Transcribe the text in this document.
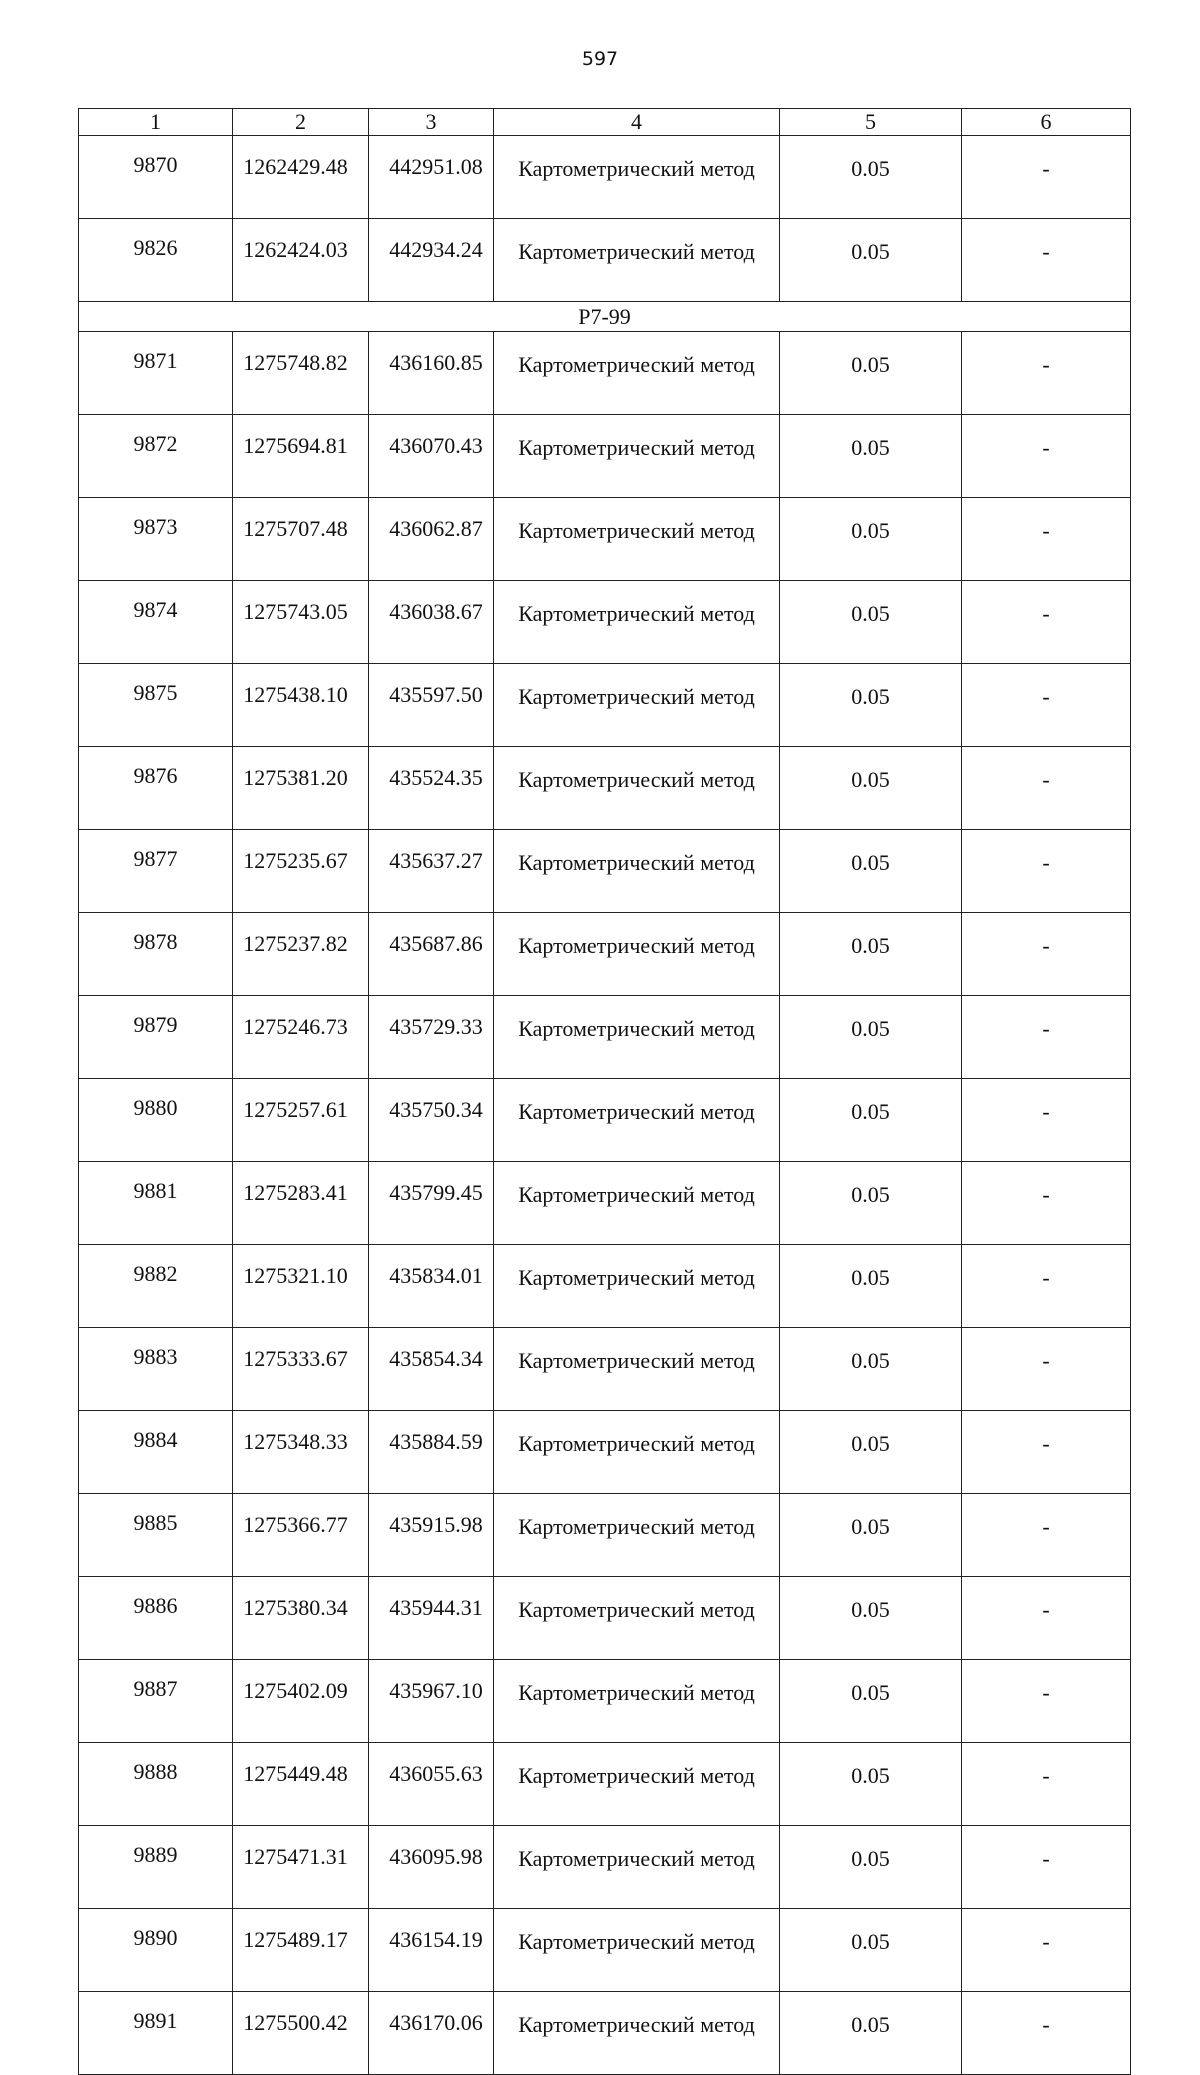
597
1	2	3	4	5	6
9870	1262429.48	442951.08	Картометрический метод	0.05	-
9826	1262424.03	442934.24	Картометрический метод	0.05	-
Р7-99					
9871	1275748.82	436160.85	Картометрический метод	0.05	-
9872	1275694.81	436070.43	Картометрический метод	0.05	-
9873	1275707.48	436062.87	Картометрический метод	0.05	-
9874	1275743.05	436038.67	Картометрический метод	0.05	-
9875	1275438.10	435597.50	Картометрический метод	0.05	-
9876	1275381.20	435524.35	Картометрический метод	0.05	-
9877	1275235.67	435637.27	Картометрический метод	0.05	-
9878	1275237.82	435687.86	Картометрический метод	0.05	-
9879	1275246.73	435729.33	Картометрический метод	0.05	-
9880	1275257.61	435750.34	Картометрический метод	0.05	-
9881	1275283.41	435799.45	Картометрический метод	0.05	-
9882	1275321.10	435834.01	Картометрический метод	0.05	-
9883	1275333.67	435854.34	Картометрический метод	0.05	-
9884	1275348.33	435884.59	Картометрический метод	0.05	-
9885	1275366.77	435915.98	Картометрический метод	0.05	-
9886	1275380.34	435944.31	Картометрический метод	0.05	-
9887	1275402.09	435967.10	Картометрический метод	0.05	-
9888	1275449.48	436055.63	Картометрический метод	0.05	-
9889	1275471.31	436095.98	Картометрический метод	0.05	-
9890	1275489.17	436154.19	Картометрический метод	0.05	-
9891	1275500.42	436170.06	Картометрический метод	0.05	-
